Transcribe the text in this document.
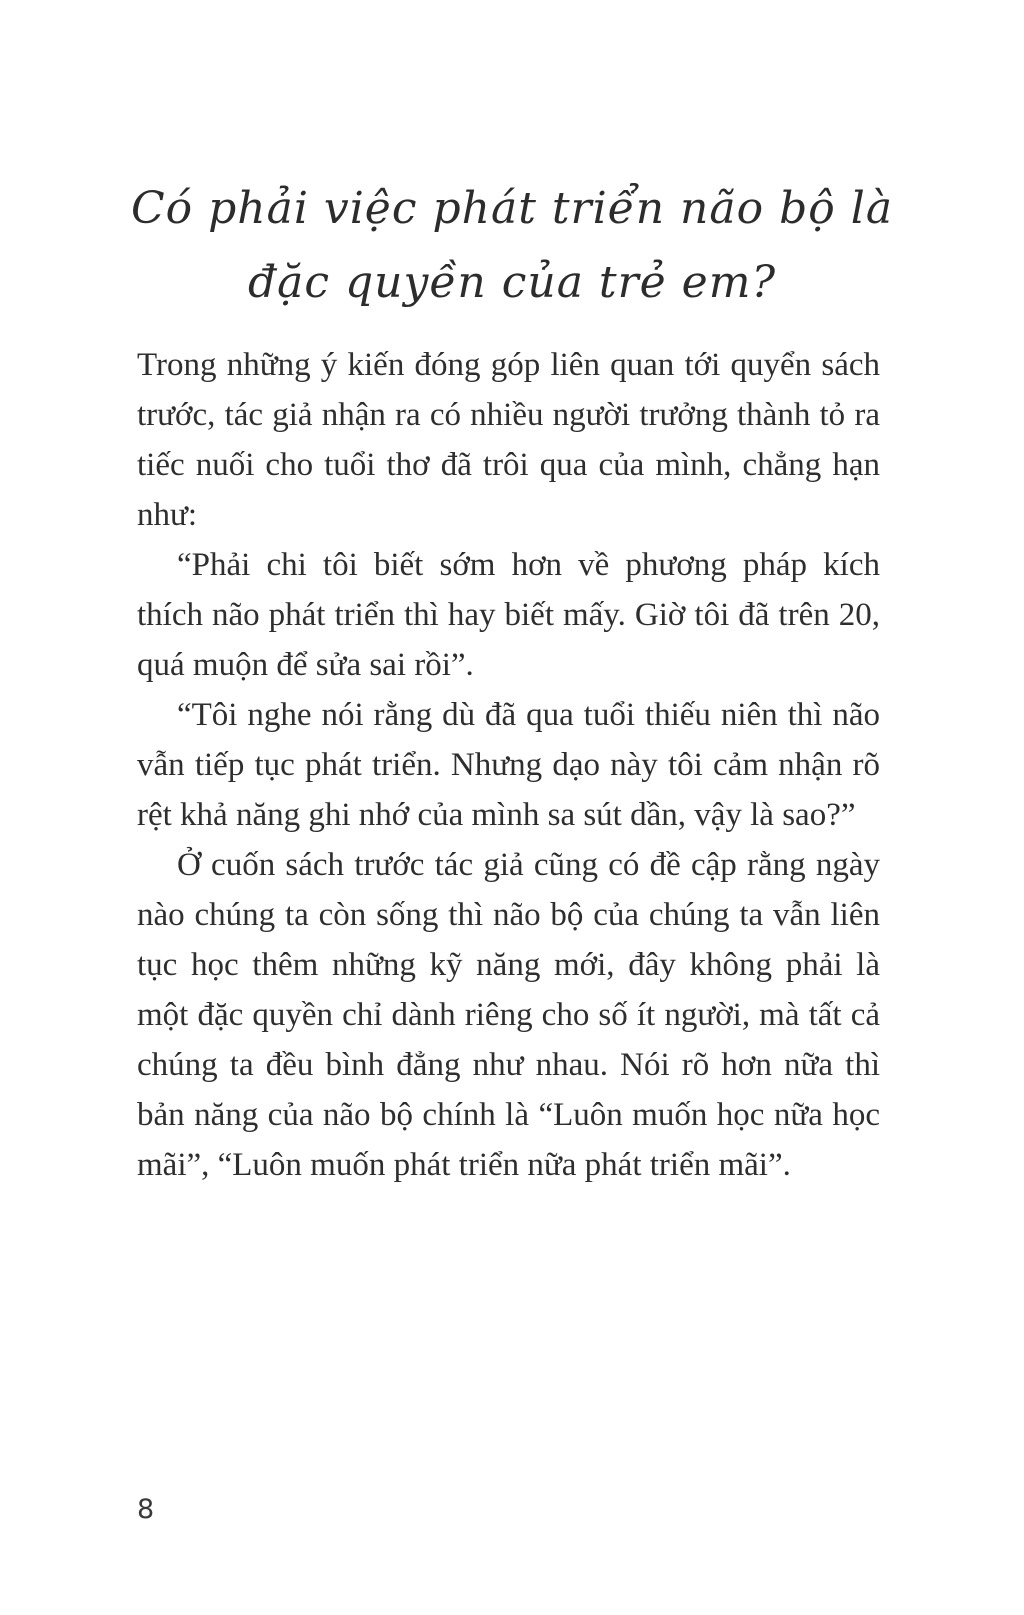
Có phải việc phát triển não bộ là
đặc quyền của trẻ em?

Trong những ý kiến đóng góp liên quan tới quyển sách trước, tác giả nhận ra có nhiều người trưởng thành tỏ ra tiếc nuối cho tuổi thơ đã trôi qua của mình, chẳng hạn như:

“Phải chi tôi biết sớm hơn về phương pháp kích thích não phát triển thì hay biết mấy. Giờ tôi đã trên 20, quá muộn để sửa sai rồi”.

“Tôi nghe nói rằng dù đã qua tuổi thiếu niên thì não vẫn tiếp tục phát triển. Nhưng dạo này tôi cảm nhận rõ rệt khả năng ghi nhớ của mình sa sút dần, vậy là sao?”

Ở cuốn sách trước tác giả cũng có đề cập rằng ngày nào chúng ta còn sống thì não bộ của chúng ta vẫn liên tục học thêm những kỹ năng mới, đây không phải là một đặc quyền chỉ dành riêng cho số ít người, mà tất cả chúng ta đều bình đẳng như nhau. Nói rõ hơn nữa thì bản năng của não bộ chính là “Luôn muốn học nữa học mãi”, “Luôn muốn phát triển nữa phát triển mãi”.

8
